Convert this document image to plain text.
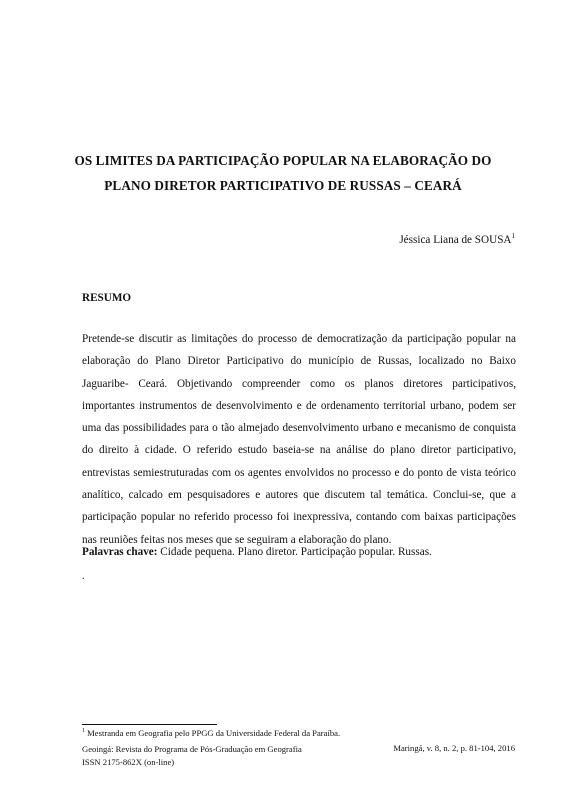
OS LIMITES DA PARTICIPAÇÃO POPULAR NA ELABORAÇÃO DO
PLANO DIRETOR PARTICIPATIVO DE RUSSAS – CEARÁ
Jéssica Liana de SOUSA$^1$
RESUMO
Pretende-se discutir as limitações do processo de democratização da participação popular na
elaboração do Plano Diretor Participativo do município de Russas, localizado no Baixo
Jaguaribe- Ceará. Objetivando compreender como os planos diretores participativos,
importantes instrumentos de desenvolvimento e de ordenamento territorial urbano, podem ser
uma das possibilidades para o tão almejado desenvolvimento urbano e mecanismo de conquista
do direito à cidade. O referido estudo baseia-se na análise do plano diretor participativo,
entrevistas semiestruturadas com os agentes envolvidos no processo e do ponto de vista teórico
analítico, calcado em pesquisadores e autores que discutem tal temática. Conclui-se, que a
participação popular no referido processo foi inexpressiva, contando com baixas participações
nas reuniões feitas nos meses que se seguiram a elaboração do plano.
Palavras chave: Cidade pequena. Plano diretor. Participação popular. Russas.
.
$^1$ Mestranda em Geografia pelo PPGG da Universidade Federal da Paraíba.
Geoingá: Revista do Programa de Pós-Graduação em Geografia
ISSN 2175-862X (on-line)
Maringá, v. 8, n. 2, p. 81-104, 2016
